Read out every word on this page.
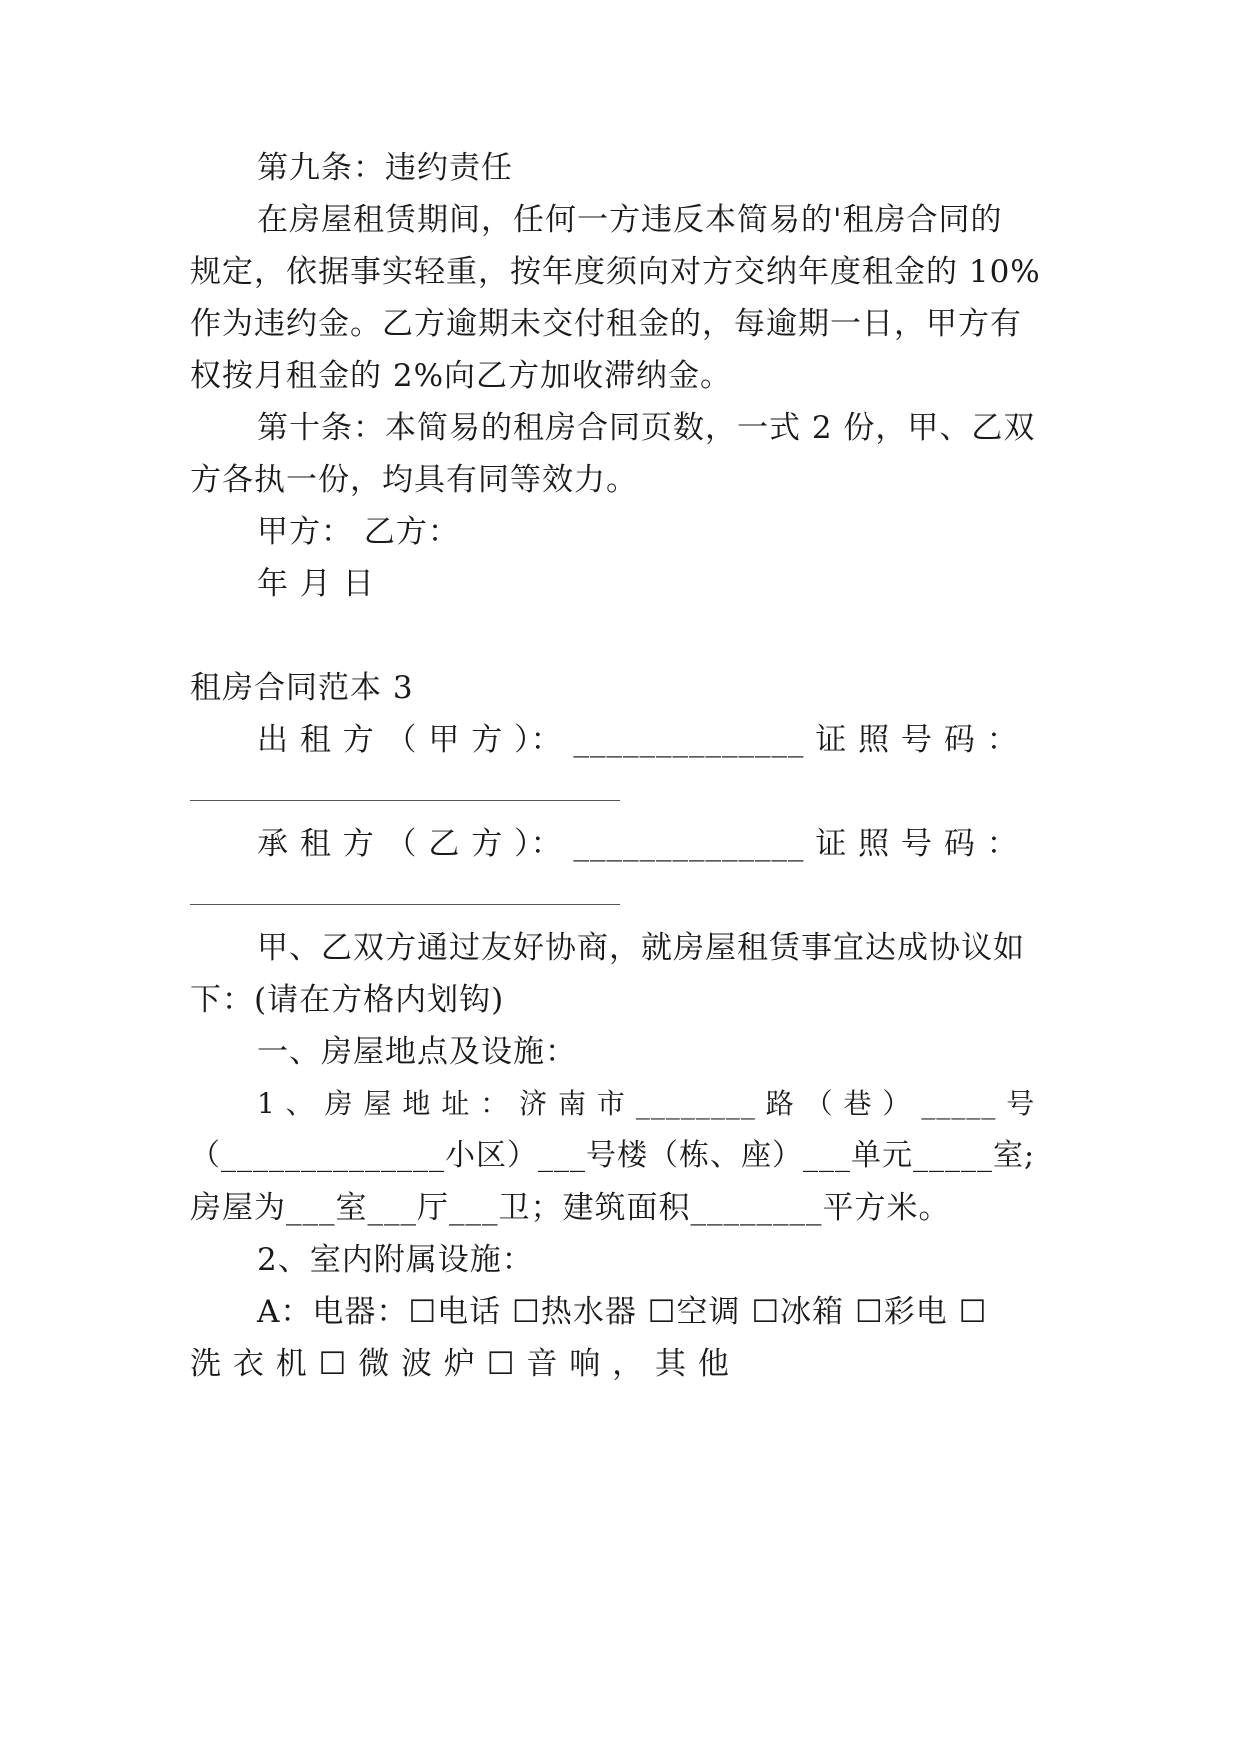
第九条：违约责任
在房屋租赁期间，任何一方违反本简易的'租房合同的
规定，依据事实轻重，按年度须向对方交纳年度租金的 10%
作为违约金。乙方逾期未交付租金的，每逾期一日，甲方有
权按月租金的 2%向乙方加收滞纳金。
第十条：本简易的租房合同页数，一式 2 份，甲、乙双
方各执一份，均具有同等效力。
甲方： 乙方：
年 月 日
租房合同范本 3
出 租 方 （ 甲 方 ）： ______________ 证 照 号 码 ：
承 租 方 （ 乙 方 ）： ______________ 证 照 号 码 ：
甲、乙双方通过友好协商，就房屋租赁事宜达成协议如
下：(请在方格内划钩)
一、房屋地点及设施：
1 、 房 屋 地 址 ： 济 南 市 ________ 路 （ 巷 ） _____ 号
（______________小区）___号楼（栋、座）___单元_____室;
房屋为___室___厅___卫；建筑面积________平方米。
2、室内附属设施：
A：电器：☐电话 ☐热水器 ☐空调 ☐冰箱 ☐彩电 ☐
洗 衣 机 ☐ 微 波 炉 ☐ 音 响 ， 其 他
